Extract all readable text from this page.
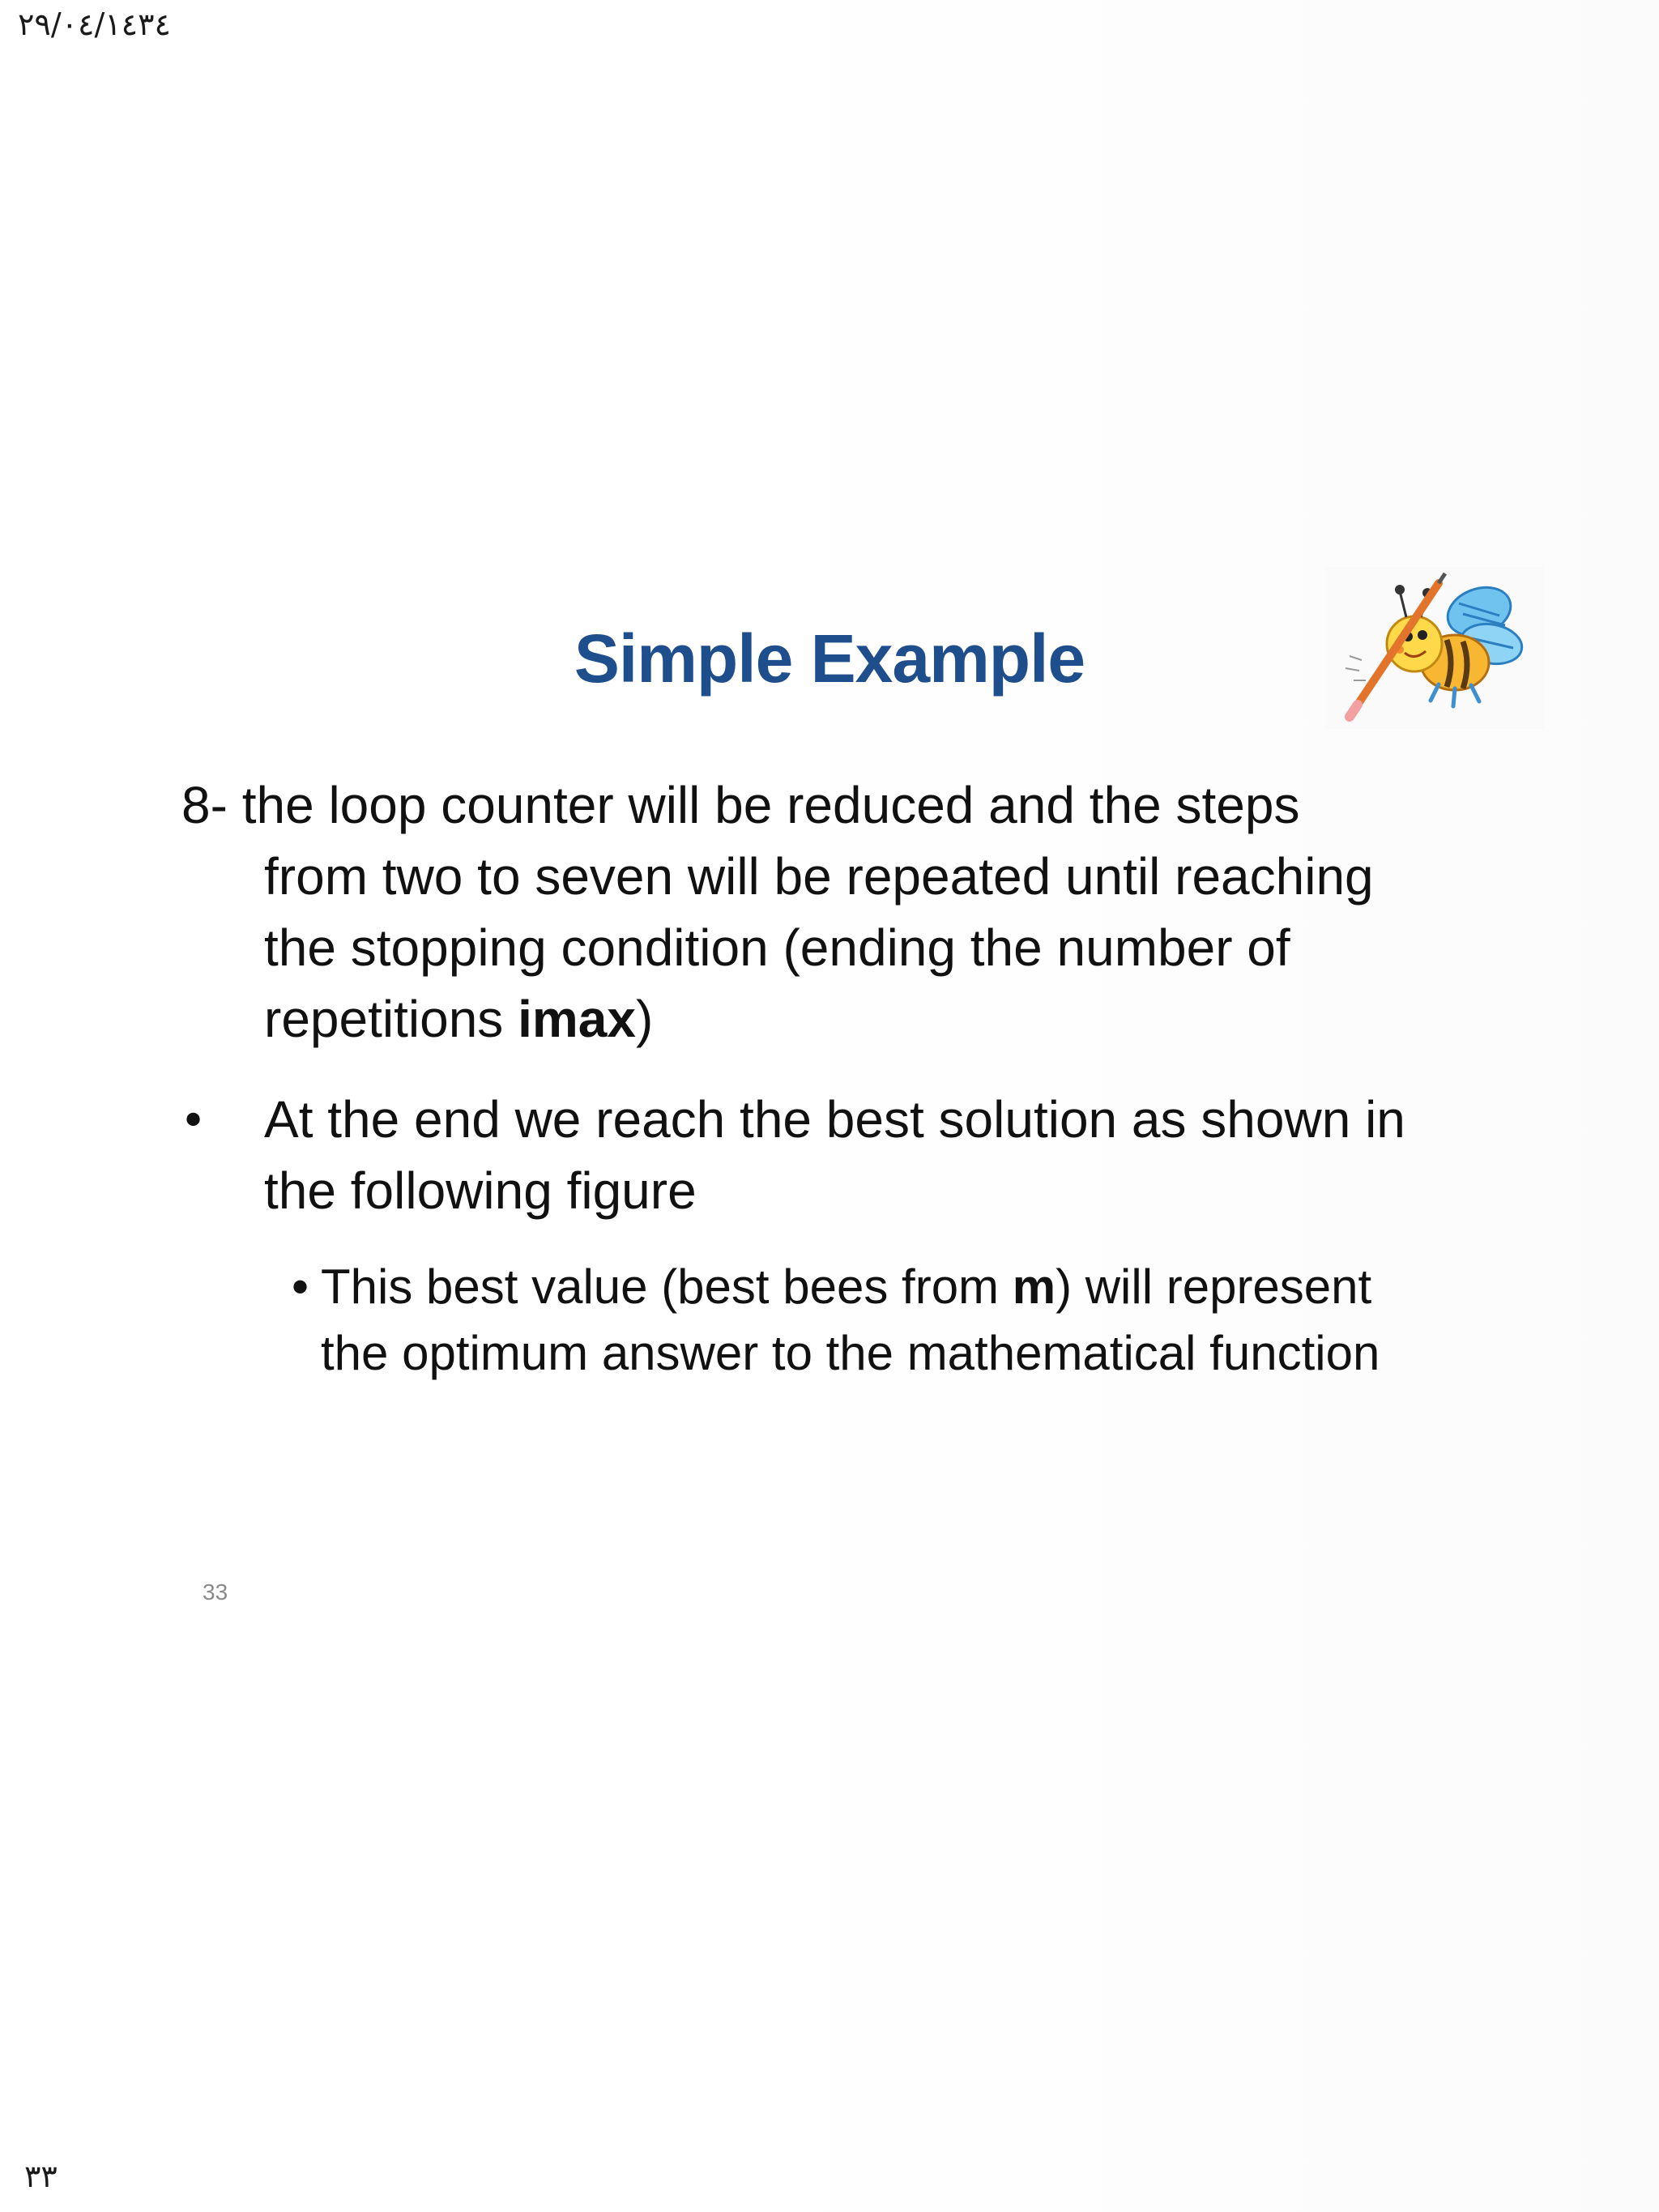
٢٩/٠٤/١٤٣٤
Simple Example
8- the loop counter will be reduced and the steps
from two to seven will be repeated until reaching
the stopping condition (ending the number of
repetitions imax)
• At the end we reach the best solution as shown in
the following figure
• This best value (best bees from m) will represent
the optimum answer to the mathematical function
33
٣٣
